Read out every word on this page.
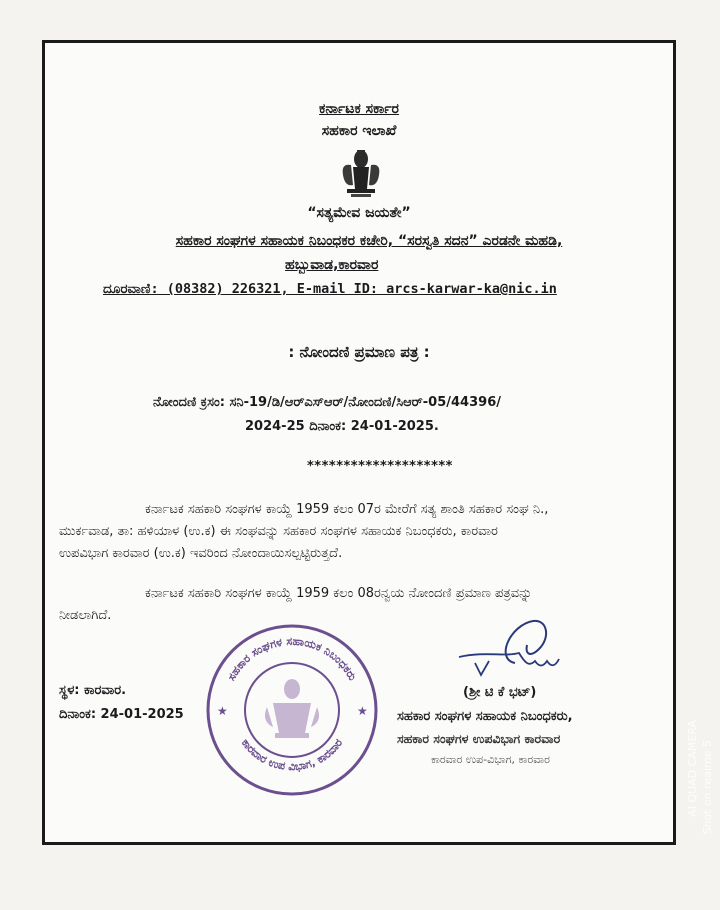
ಕರ್ನಾಟಕ ಸರ್ಕಾರ
ಸಹಕಾರ ಇಲಾಖೆ
“ಸತ್ಯಮೇವ ಜಯತೇ”
ಸಹಕಾರ ಸಂಘಗಳ ಸಹಾಯಕ ನಿಬಂಧಕರ ಕಚೇರಿ, “ಸರಸ್ವತಿ ಸದನ” ಎರಡನೇ ಮಹಡಿ,
ಹಬ್ಬುವಾಡ,ಕಾರವಾರ
ದೂರವಾಣಿ: (08382) 226321, E-mail ID: arcs-karwar-ka@nic.in
: ನೋಂದಣಿ ಪ್ರಮಾಣ ಪತ್ರ :
ನೋಂದಣಿ ಕ್ರಸಂ: ಸನಿ-19/ಡಿ/ಆರ್‌ಎಸ್‌ಆರ್/ನೋಂದಣಿ/ಸಿಆರ್-05/44396/
2024-25 ದಿನಾಂಕ: 24-01-2025.
********************
ಕರ್ನಾಟಕ ಸಹಕಾರಿ ಸಂಘಗಳ ಕಾಯ್ದೆ 1959 ಕಲಂ 07ರ ಮೇರೆಗೆ ಸತ್ಯ ಶಾಂತಿ ಸಹಕಾರ ಸಂಘ ನಿ.,
ಮುರ್ಕವಾಡ, ತಾ: ಹಳಿಯಾಳ (ಉ.ಕ) ಈ ಸಂಘವನ್ನು ಸಹಕಾರ ಸಂಘಗಳ ಸಹಾಯಕ ನಿಬಂಧಕರು, ಕಾರವಾರ
ಉಪವಿಭಾಗ ಕಾರವಾರ (ಉ.ಕ) ಇವರಿಂದ ನೋಂದಾಯಿಸಲ್ಪಟ್ಟಿರುತ್ತದೆ.
ಕರ್ನಾಟಕ ಸಹಕಾರಿ ಸಂಘಗಳ ಕಾಯ್ದೆ 1959 ಕಲಂ 08ರನ್ವಯ ನೋಂದಣಿ ಪ್ರಮಾಣ ಪತ್ರವನ್ನು
ನೀಡಲಾಗಿದೆ.
ಸಹಕಾರ ಸಂಘಗಳ ಸಹಾಯಕ ನಿಬಂಧಕರು
ಕಾರವಾರ ಉಪ ವಿಭಾಗ, ಕಾರವಾರ
★	★
(ಶ್ರೀ ಟಿ ಕೆ ಭಟ್)
ಸ್ಥಳ: ಕಾರವಾರ.
ದಿನಾಂಕ: 24-01-2025	ಸಹಕಾರ ಸಂಘಗಳ ಸಹಾಯಕ ನಿಬಂಧಕರು,
ಸಹಕಾರ ಸಂಘಗಳ ಉಪವಿಭಾಗ ಕಾರವಾರ
ಕಾರವಾರ ಉಪ-ವಿಭಾಗ, ಕಾರವಾರ	AI QUAD CAMERA Shot on realme 5
